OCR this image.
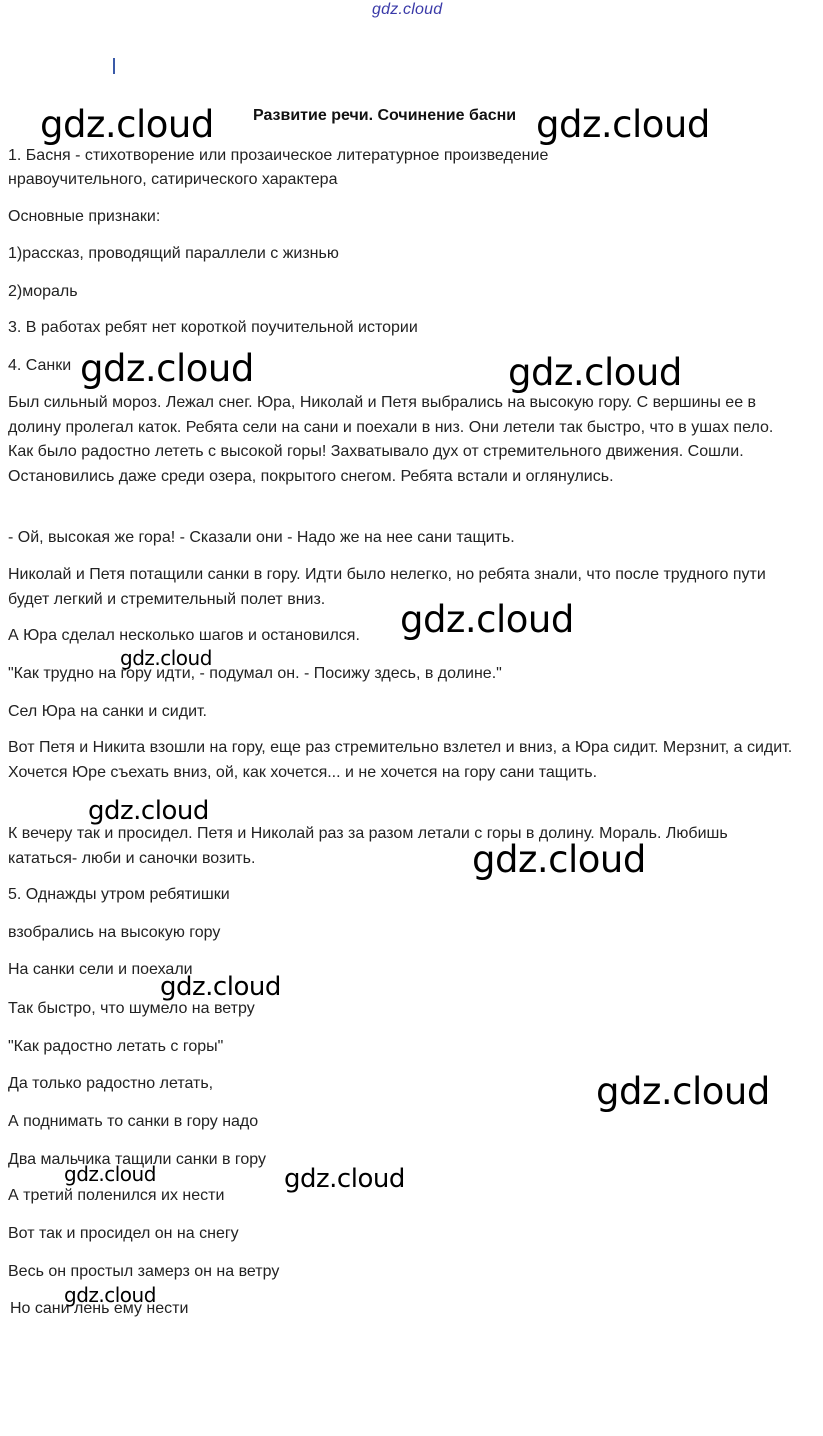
gdz.cloud
Развитие речи. Сочинение басни
1. Басня - стихотворение или прозаическое литературное произведение
нравоучительного, сатирического характера
Основные признаки:
1)рассказ, проводящий параллели с жизнью
2)мораль
3. В работах ребят нет короткой поучительной истории
4. Санки
Был сильный мороз. Лежал снег. Юра, Николай и Петя выбрались на высокую гору. С вершины ее в долину пролегал каток. Ребята сели на сани и поехали в низ. Они летели так быстро, что в ушах пело. Как было радостно лететь с высокой горы! Захватывало дух от стремительного движения. Сошли. Остановились даже среди озера, покрытого снегом. Ребята встали и оглянулись.
- Ой, высокая же гора! - Сказали они - Надо же на нее сани тащить.
Николай и Петя потащили санки в гору. Идти было нелегко, но ребята знали, что после трудного пути будет легкий и стремительный полет вниз.
А Юра сделал несколько шагов и остановился.
"Как трудно на гору идти, - подумал он. - Посижу здесь, в долине."
Сел Юра на санки и сидит.
Вот Петя и Никита взошли на гору, еще раз стремительно взлетел и вниз, а Юра сидит. Мерзнит, а сидит. Хочется Юре съехать вниз, ой, как хочется... и не хочется на гору сани тащить.
К вечеру так и просидел. Петя и Николай раз за разом летали с горы в долину. Мораль. Любишь кататься- люби и саночки возить.
5. Однажды утром ребятишки
взобрались на высокую гору
На санки сели и поехали
Так быстро, что шумело на ветру
"Как радостно летать с горы"
Да только радостно летать,
А поднимать то санки в гору надо
Два мальчика тащили санки в гору
А третий поленился их нести
Вот так и просидел он на снегу
Весь он простыл замерз он на ветру
Но сани лень ему нести
gdz.cloud	gdz.cloud
gdz.cloud	gdz.cloud
gdz.cloud
gdz.cloud
gdz.cloud
gdz.cloud
gdz.cloud
gdz.cloud
gdz.cloud	gdz.cloud
gdz.cloud
